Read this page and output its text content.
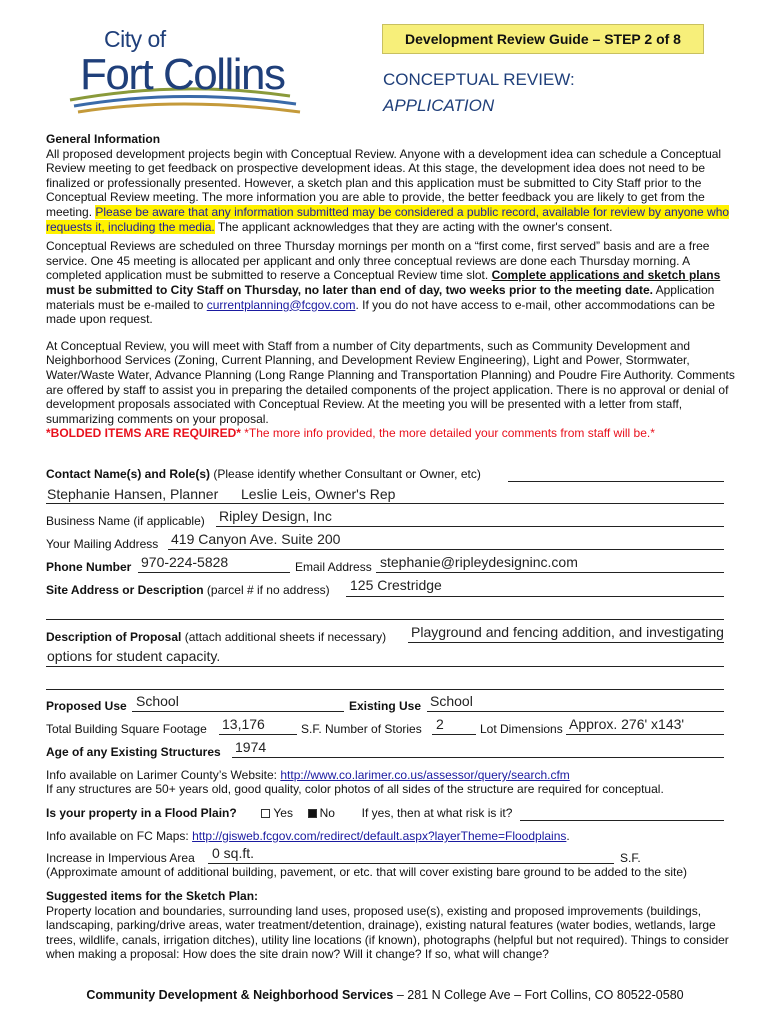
City of
Fort Collins
Development Review Guide – STEP 2 of 8
CONCEPTUAL REVIEW:
APPLICATION
General Information
All proposed development projects begin with Conceptual Review. Anyone with a development idea can schedule a Conceptual Review meeting to get feedback on prospective development ideas. At this stage, the development idea does not need to be finalized or professionally presented. However, a sketch plan and this application must be submitted to City Staff prior to the Conceptual Review meeting. The more information you are able to provide, the better feedback you are likely to get from the meeting. Please be aware that any information submitted may be considered a public record, available for review by anyone who requests it, including the media. The applicant acknowledges that they are acting with the owner's consent.
Conceptual Reviews are scheduled on three Thursday mornings per month on a “first come, first served” basis and are a free service. One 45 meeting is allocated per applicant and only three conceptual reviews are done each Thursday morning. A completed application must be submitted to reserve a Conceptual Review time slot. Complete applications and sketch plans must be submitted to City Staff on Thursday, no later than end of day, two weeks prior to the meeting date. Application materials must be e-mailed to currentplanning@fcgov.com. If you do not have access to e-mail, other accommodations can be made upon request.
At Conceptual Review, you will meet with Staff from a number of City departments, such as Community Development and Neighborhood Services (Zoning, Current Planning, and Development Review Engineering), Light and Power, Stormwater, Water/Waste Water, Advance Planning (Long Range Planning and Transportation Planning) and Poudre Fire Authority. Comments are offered by staff to assist you in preparing the detailed components of the project application. There is no approval or denial of development proposals associated with Conceptual Review. At the meeting you will be presented with a letter from staff, summarizing comments on your proposal.
*BOLDED ITEMS ARE REQUIRED* *The more info provided, the more detailed your comments from staff will be.*
Contact Name(s) and Role(s) (Please identify whether Consultant or Owner, etc)
Stephanie Hansen, Planner Leslie Leis, Owner's Rep
Business Name (if applicable) Ripley Design, Inc
Your Mailing Address 419 Canyon Ave. Suite 200
Phone Number 970-224-5828	Email Address stephanie@ripleydesigninc.com
Site Address or Description (parcel # if no address) 125 Crestridge
Description of Proposal (attach additional sheets if necessary) Playground and fencing addition, and investigating
options for student capacity.
Proposed Use School	Existing Use School
Total Building Square Footage 13,176	S.F. Number of Stories 2	Lot Dimensions Approx. 276' x143'
Age of any Existing Structures 1974
Info available on Larimer County’s Website: http://www.co.larimer.co.us/assessor/query/search.cfm
If any structures are 50+ years old, good quality, color photos of all sides of the structure are required for conceptual.
Is your property in a Flood Plain?	Yes No If yes, then at what risk is it?
Info available on FC Maps: http://gisweb.fcgov.com/redirect/default.aspx?layerTheme=Floodplains.
Increase in Impervious Area 0 sq.ft.	S.F.
(Approximate amount of additional building, pavement, or etc. that will cover existing bare ground to be added to the site)
Suggested items for the Sketch Plan:
Property location and boundaries, surrounding land uses, proposed use(s), existing and proposed improvements (buildings, landscaping, parking/drive areas, water treatment/detention, drainage), existing natural features (water bodies, wetlands, large trees, wildlife, canals, irrigation ditches), utility line locations (if known), photographs (helpful but not required). Things to consider when making a proposal: How does the site drain now? Will it change? If so, what will change?
Community Development & Neighborhood Services – 281 N College Ave – Fort Collins, CO 80522-0580
